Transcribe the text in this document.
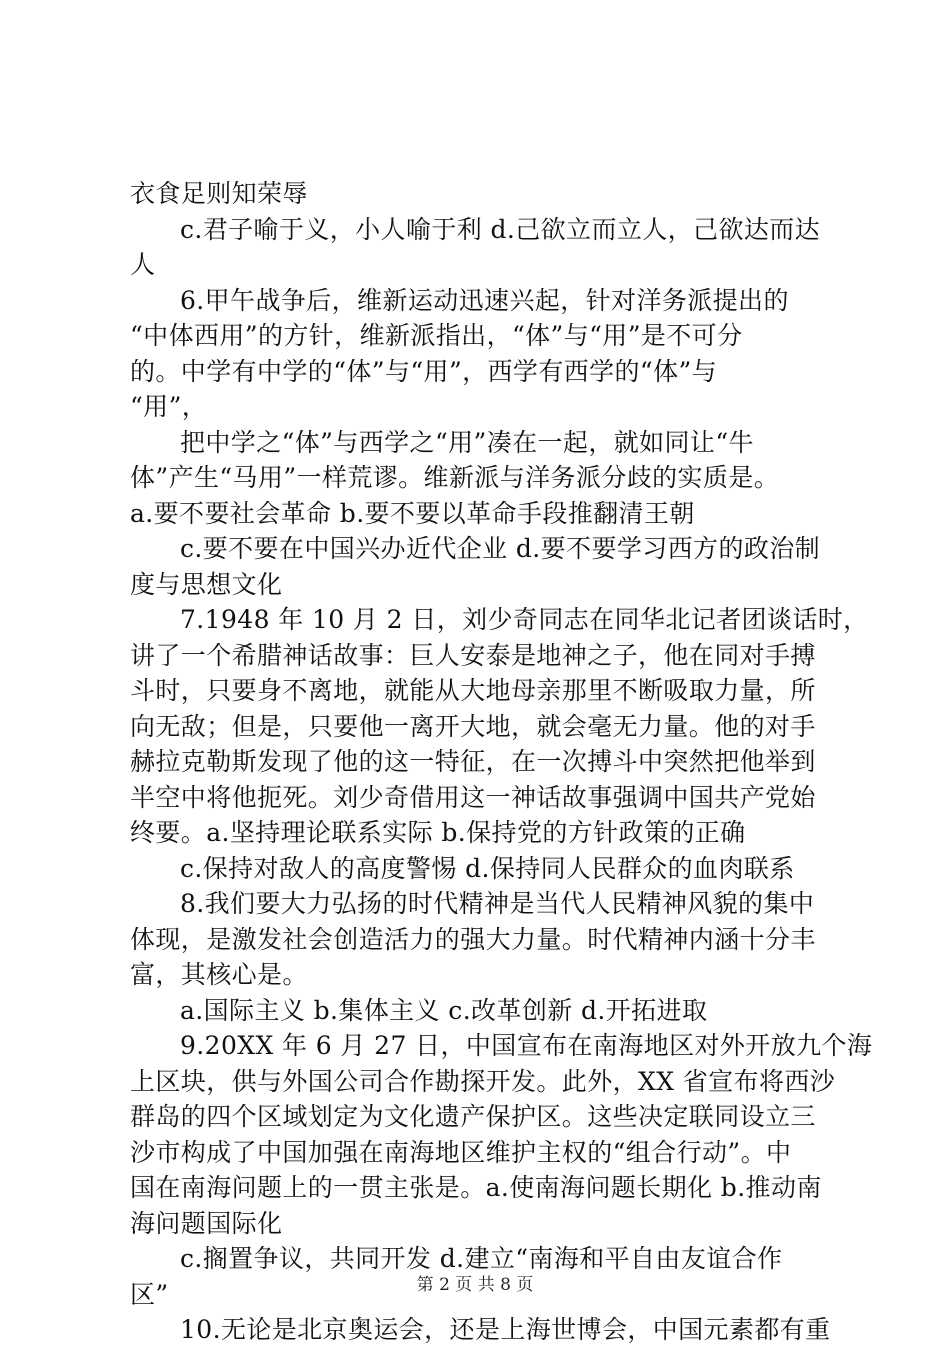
衣食足则知荣辱
c.君子喻于义，小人喻于利 d.己欲立而立人，己欲达而达
人
6.甲午战争后，维新运动迅速兴起，针对洋务派提出的
“中体西用”的方针，维新派指出，“体”与“用”是不可分
的。中学有中学的“体”与“用”，西学有西学的“体”与
“用”，
把中学之“体”与西学之“用”凑在一起，就如同让“牛
体”产生“马用”一样荒谬。维新派与洋务派分歧的实质是。
a.要不要社会革命 b.要不要以革命手段推翻清王朝
c.要不要在中国兴办近代企业 d.要不要学习西方的政治制
度与思想文化
7.1948 年 10 月 2 日，刘少奇同志在同华北记者团谈话时，
讲了一个希腊神话故事：巨人安泰是地神之子，他在同对手搏
斗时，只要身不离地，就能从大地母亲那里不断吸取力量，所
向无敌；但是，只要他一离开大地，就会毫无力量。他的对手
赫拉克勒斯发现了他的这一特征，在一次搏斗中突然把他举到
半空中将他扼死。刘少奇借用这一神话故事强调中国共产党始
终要。a.坚持理论联系实际 b.保持党的方针政策的正确
c.保持对敌人的高度警惕 d.保持同人民群众的血肉联系
8.我们要大力弘扬的时代精神是当代人民精神风貌的集中
体现，是激发社会创造活力的强大力量。时代精神内涵十分丰
富，其核心是。
a.国际主义 b.集体主义 c.改革创新 d.开拓进取
9.20XX 年 6 月 27 日，中国宣布在南海地区对外开放九个海
上区块，供与外国公司合作勘探开发。此外，XX 省宣布将西沙
群岛的四个区域划定为文化遗产保护区。这些决定联同设立三
沙市构成了中国加强在南海地区维护主权的“组合行动”。中
国在南海问题上的一贯主张是。a.使南海问题长期化 b.推动南
海问题国际化
c.搁置争议，共同开发 d.建立“南海和平自由友谊合作
区”
10.无论是北京奥运会，还是上海世博会，中国元素都有重
第 2 页 共 8 页
